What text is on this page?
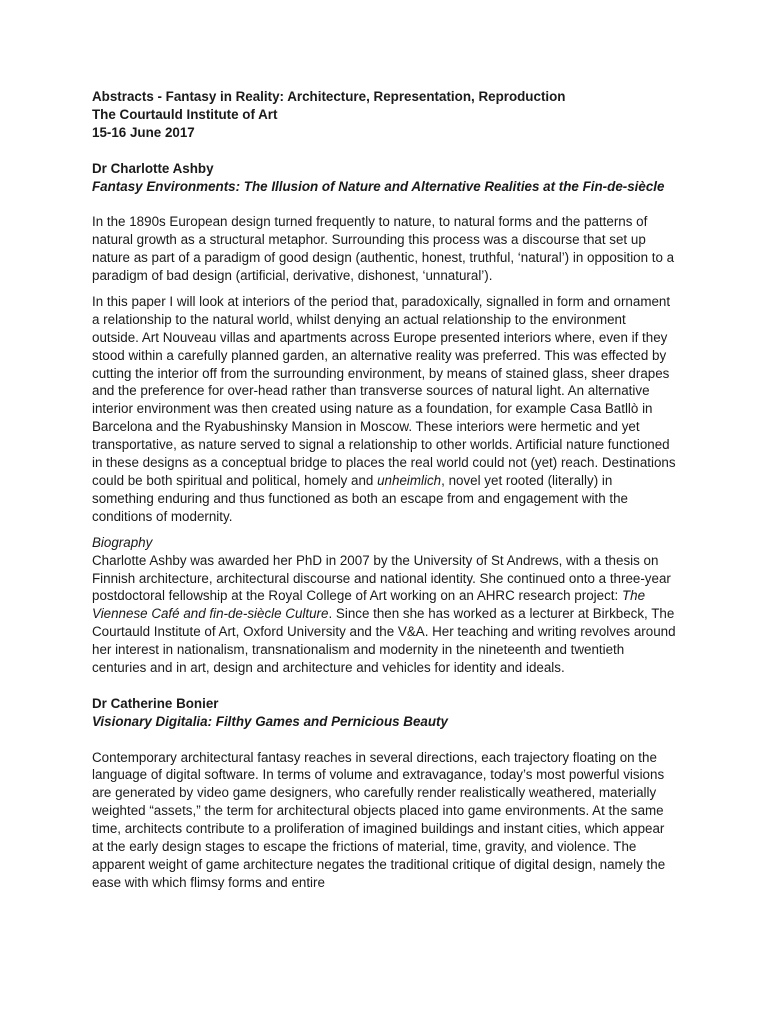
Abstracts - Fantasy in Reality: Architecture, Representation, Reproduction

The Courtauld Institute of Art

15-16 June 2017

Dr Charlotte Ashby

Fantasy Environments: The Illusion of Nature and Alternative Realities at the Fin-de-siècle

In the 1890s European design turned frequently to nature, to natural forms and the patterns of natural growth as a structural metaphor. Surrounding this process was a discourse that set up nature as part of a paradigm of good design (authentic, honest, truthful, ‘natural’) in opposition to a paradigm of bad design (artificial, derivative, dishonest, ‘unnatural’).

In this paper I will look at interiors of the period that, paradoxically, signalled in form and ornament a relationship to the natural world, whilst denying an actual relationship to the environment outside. Art Nouveau villas and apartments across Europe presented interiors where, even if they stood within a carefully planned garden, an alternative reality was preferred. This was effected by cutting the interior off from the surrounding environment, by means of stained glass, sheer drapes and the preference for over-head rather than transverse sources of natural light. An alternative interior environment was then created using nature as a foundation, for example Casa Batllò in Barcelona and the Ryabushinsky Mansion in Moscow. These interiors were hermetic and yet transportative, as nature served to signal a relationship to other worlds. Artificial nature functioned in these designs as a conceptual bridge to places the real world could not (yet) reach. Destinations could be both spiritual and political, homely and unheimlich, novel yet rooted (literally) in something enduring and thus functioned as both an escape from and engagement with the conditions of modernity.

Biography

Charlotte Ashby was awarded her PhD in 2007 by the University of St Andrews, with a thesis on Finnish architecture, architectural discourse and national identity. She continued onto a three-year postdoctoral fellowship at the Royal College of Art working on an AHRC research project: The Viennese Café and fin-de-siècle Culture. Since then she has worked as a lecturer at Birkbeck, The Courtauld Institute of Art, Oxford University and the V&A. Her teaching and writing revolves around her interest in nationalism, transnationalism and modernity in the nineteenth and twentieth centuries and in art, design and architecture and vehicles for identity and ideals.

Dr Catherine Bonier

Visionary Digitalia: Filthy Games and Pernicious Beauty

Contemporary architectural fantasy reaches in several directions, each trajectory floating on the language of digital software. In terms of volume and extravagance, today’s most powerful visions are generated by video game designers, who carefully render realistically weathered, materially weighted “assets,” the term for architectural objects placed into game environments. At the same time, architects contribute to a proliferation of imagined buildings and instant cities, which appear at the early design stages to escape the frictions of material, time, gravity, and violence. The apparent weight of game architecture negates the traditional critique of digital design, namely the ease with which flimsy forms and entire
